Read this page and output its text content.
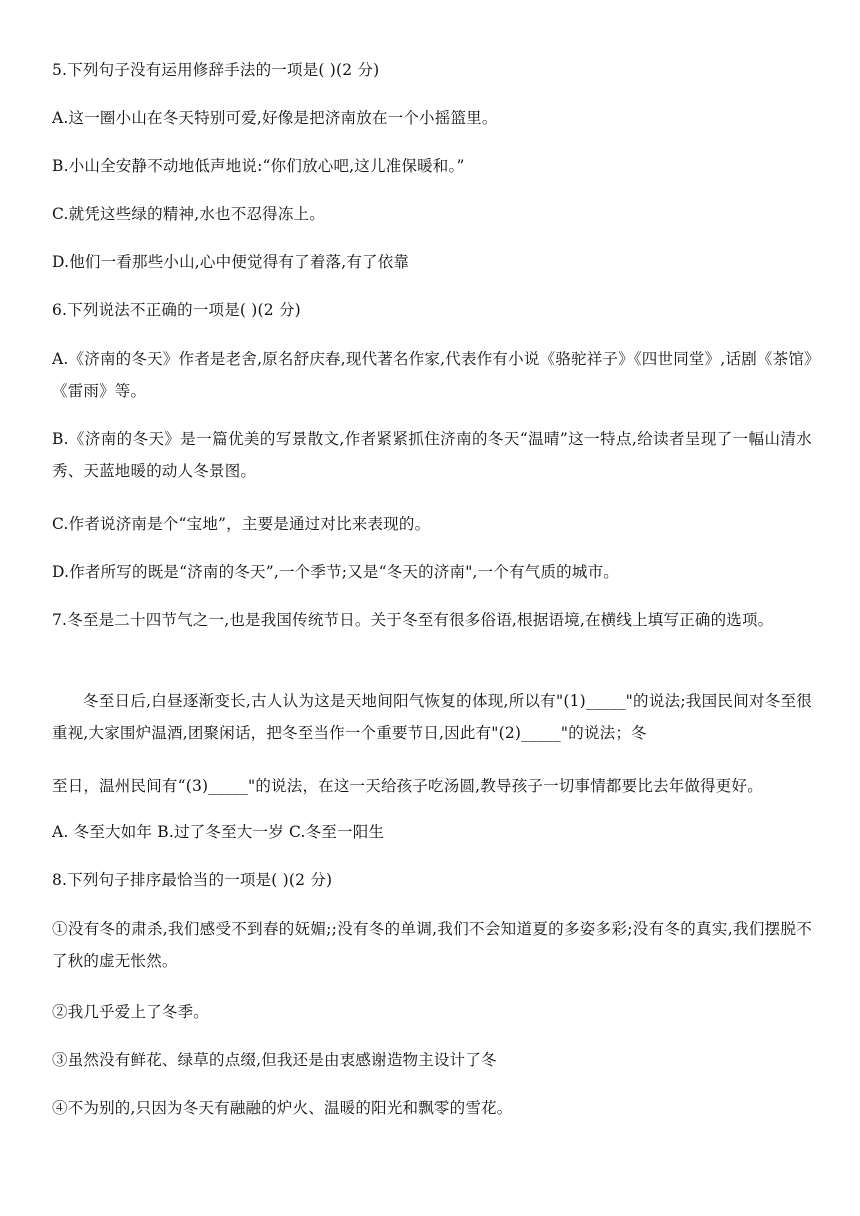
5.下列句子没有运用修辞手法的一项是( )(2 分)
A.这一圈小山在冬天特别可爱,好像是把济南放在一个小摇篮里。
B.小山全安静不动地低声地说:“你们放心吧,这儿准保暖和。”
C.就凭这些绿的精神,水也不忍得冻上。
D.他们一看那些小山,心中便觉得有了着落,有了依靠
6.下列说法不正确的一项是( )(2 分)
A.《济南的冬天》作者是老舍,原名舒庆春,现代著名作家,代表作有小说《骆驼祥子》《四世同堂》,话剧《茶馆》《雷雨》等。
B.《济南的冬天》是一篇优美的写景散文,作者紧紧抓住济南的冬天“温晴”这一特点,给读者呈现了一幅山清水秀、天蓝地暖的动人冬景图。
C.作者说济南是个“宝地”，主要是通过对比来表现的。
D.作者所写的既是“济南的冬天”,一个季节;又是“冬天的济南",一个有气质的城市。
7.冬至是二十四节气之一,也是我国传统节日。关于冬至有很多俗语,根据语境,在横线上填写正确的选项。
冬至日后,白昼逐渐变长,古人认为这是天地间阳气恢复的体现,所以有"(1)_____"的说法;我国民间对冬至很重视,大家围炉温酒,团聚闲话，把冬至当作一个重要节日,因此有"(2)_____"的说法；冬
至日，温州民间有“(3)_____"的说法，在这一天给孩子吃汤圆,教导孩子一切事情都要比去年做得更好。
A. 冬至大如年 B.过了冬至大一岁 C.冬至一阳生
8.下列句子排序最恰当的一项是( )(2 分)
①没有冬的肃杀,我们感受不到春的妩媚;;没有冬的单调,我们不会知道夏的多姿多彩;没有冬的真实,我们摆脱不了秋的虚无怅然。
②我几乎爱上了冬季。
③虽然没有鲜花、绿草的点缀,但我还是由衷感谢造物主设计了冬
④不为别的,只因为冬天有融融的炉火、温暖的阳光和飘零的雪花。
